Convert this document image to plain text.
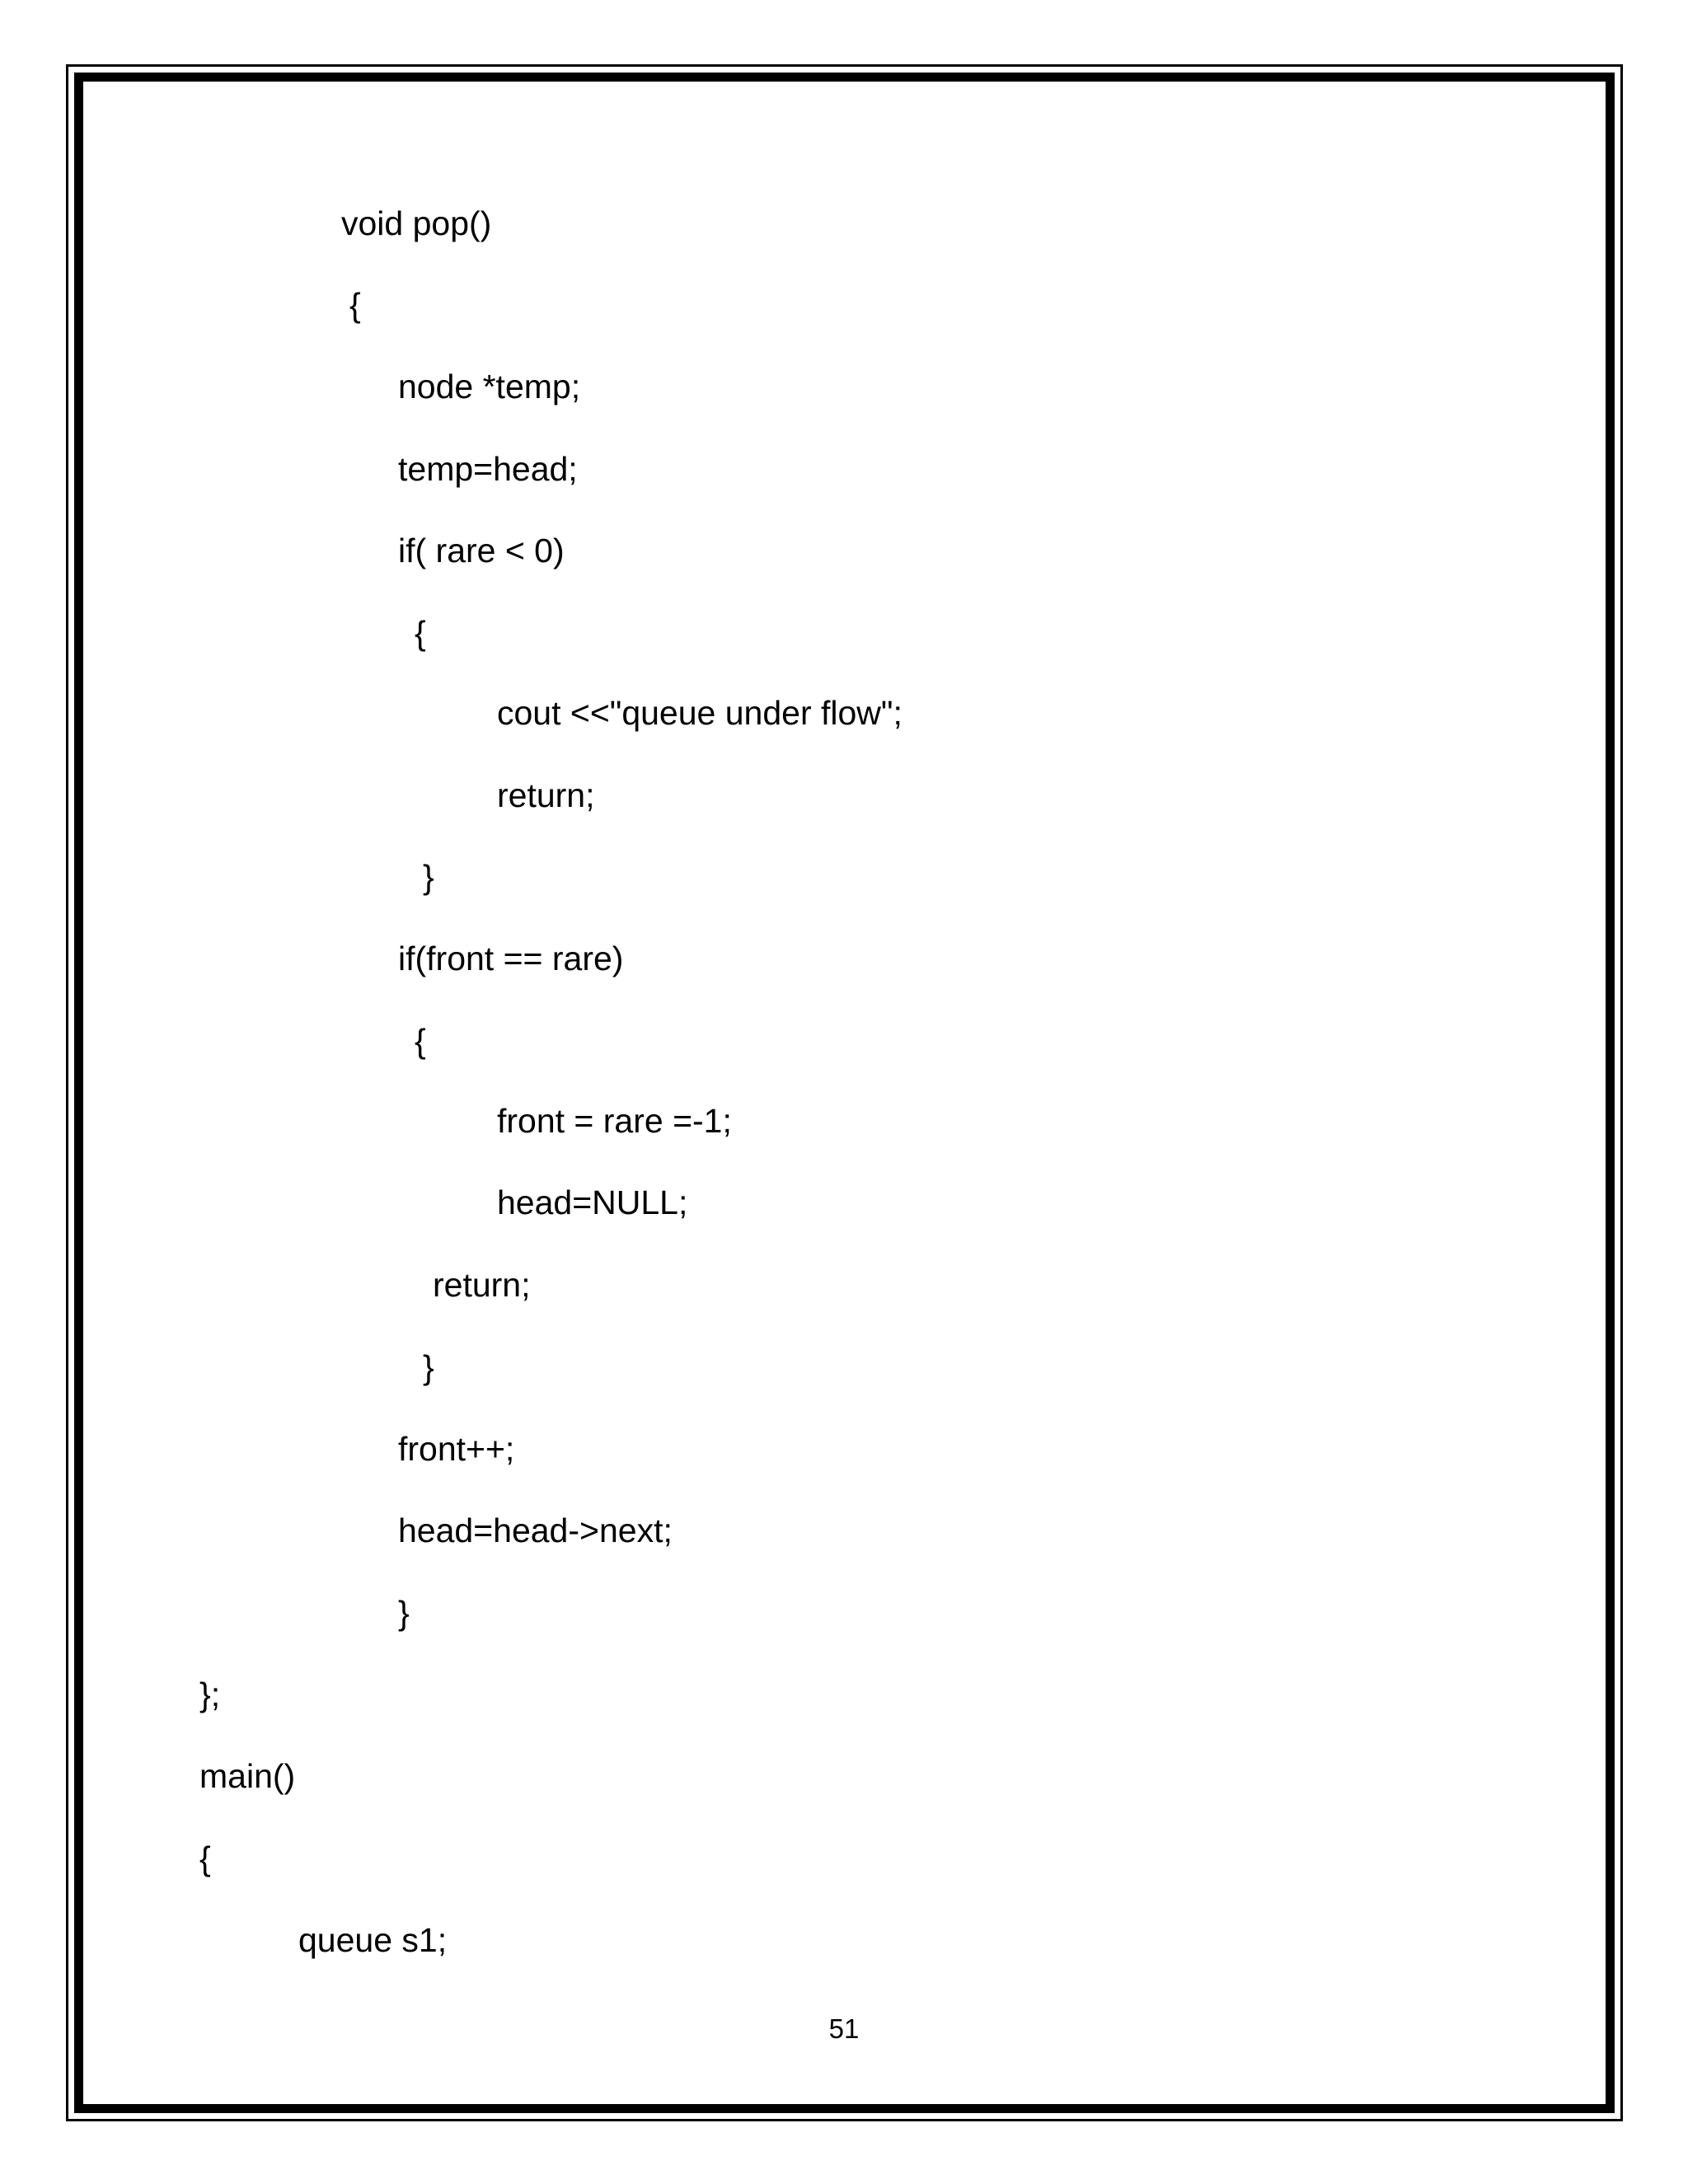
void pop()
{
node *temp;
temp=head;
if( rare < 0)
{
cout <<"queue under flow";
return;
}
if(front == rare)
{
front = rare =-1;
head=NULL;
return;
}
front++;
head=head->next;
}
};
main()
{
queue s1;
51
